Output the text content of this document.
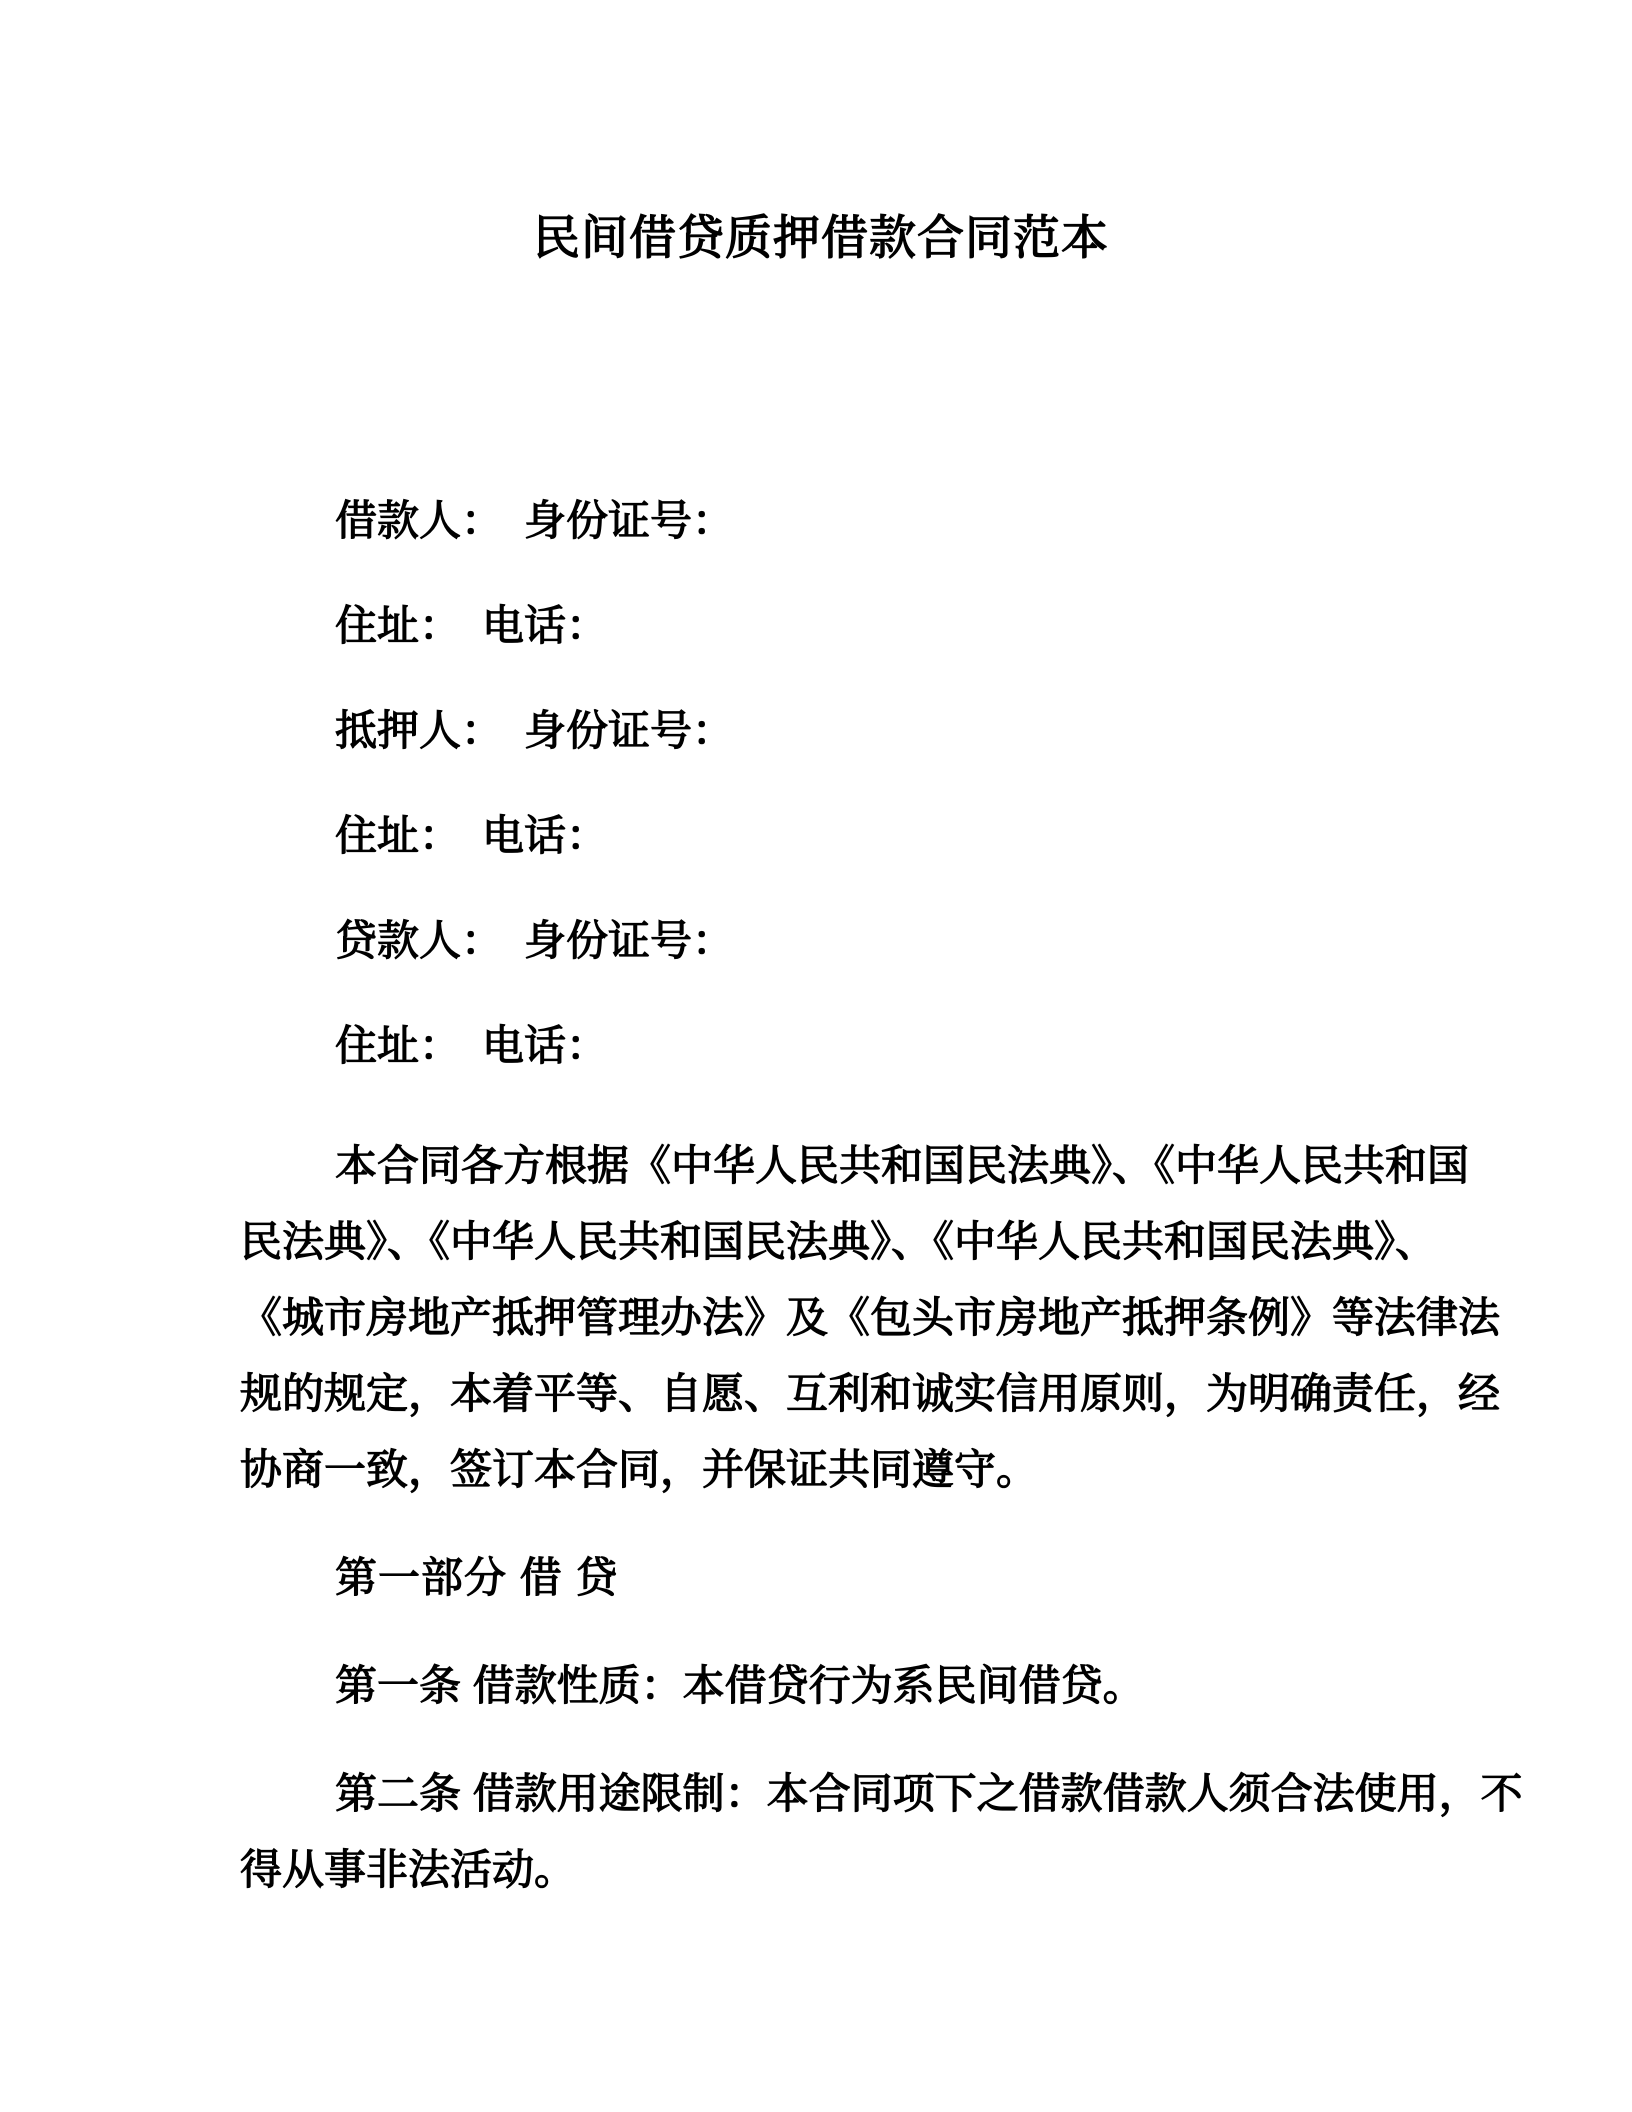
民间借贷质押借款合同范本

借款人：　身份证号：

住址：　电话：

抵押人：　身份证号：

住址：　电话：

贷款人：　身份证号：

住址：　电话：

本合同各方根据《中华人民共和国民法典》、《中华人民共和国
民法典》、《中华人民共和国民法典》、《中华人民共和国民法典》、
《城市房地产抵押管理办法》及《包头市房地产抵押条例》等法律法
规的规定，本着平等、自愿、互利和诚实信用原则，为明确责任，经
协商一致，签订本合同，并保证共同遵守。
第一部分 借 贷
第一条 借款性质：本借贷行为系民间借贷。
第二条 借款用途限制：本合同项下之借款借款人须合法使用，不
得从事非法活动。
